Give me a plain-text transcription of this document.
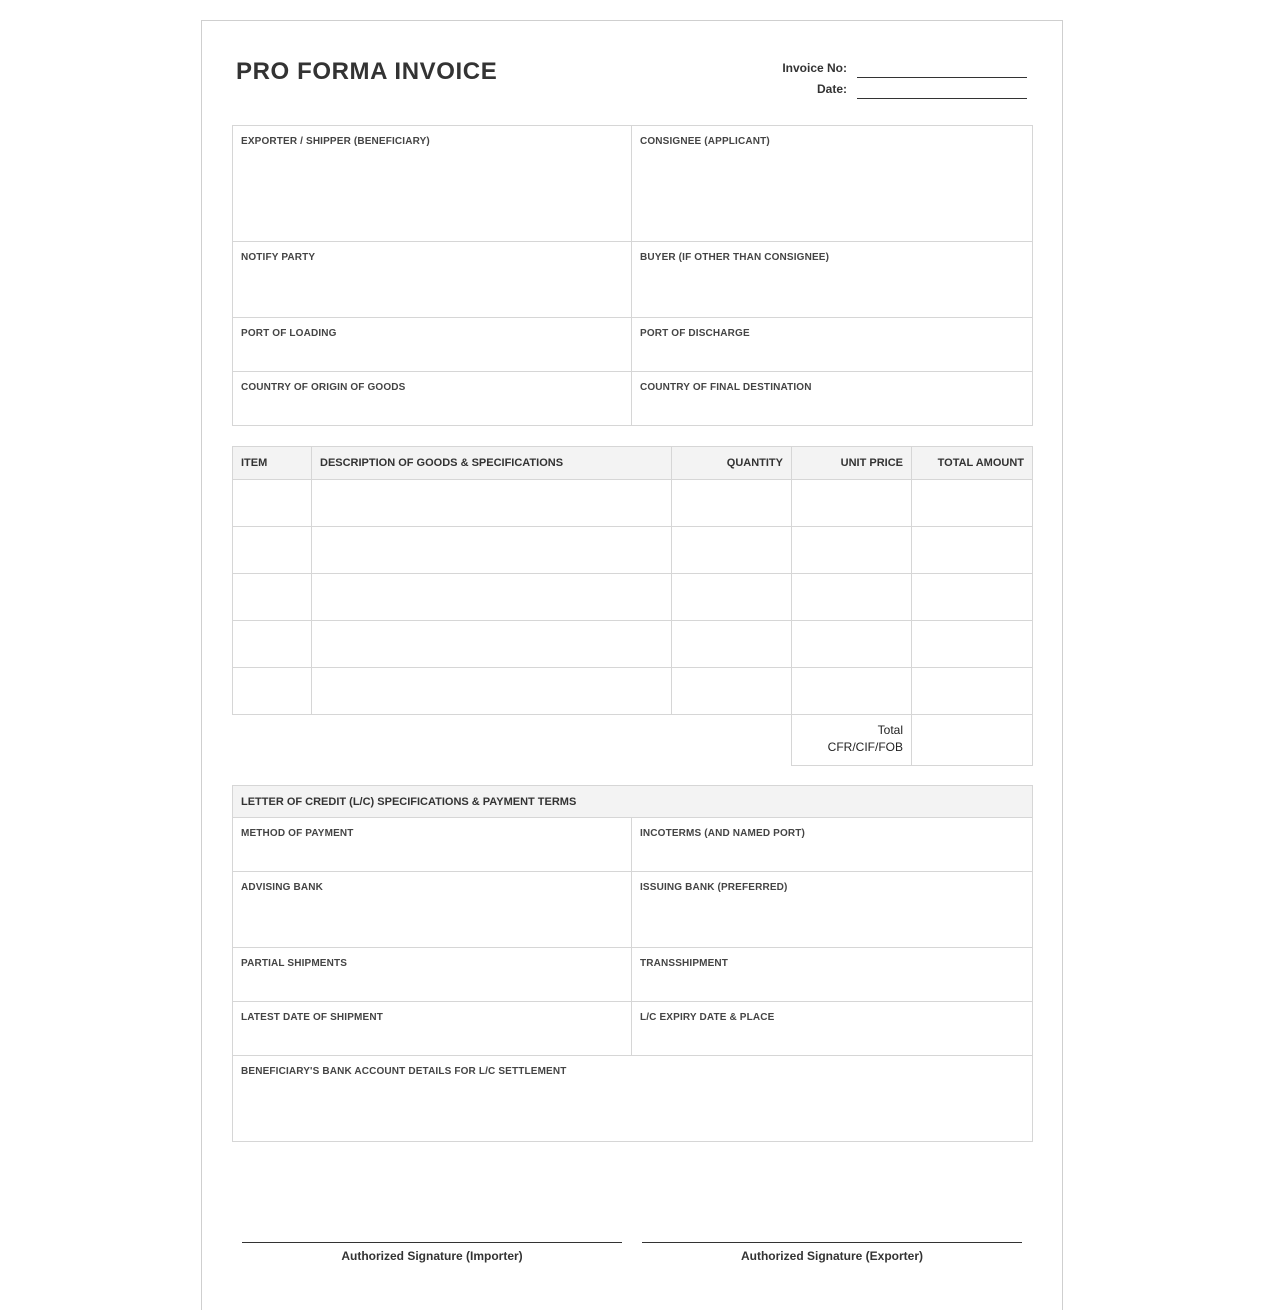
PRO FORMA INVOICE	Invoice No:
Date:
EXPORTER / SHIPPER (BENEFICIARY)	CONSIGNEE (APPLICANT)

NOTIFY PARTY	BUYER (IF OTHER THAN CONSIGNEE)

PORT OF LOADING	PORT OF DISCHARGE

COUNTRY OF ORIGIN OF GOODS	COUNTRY OF FINAL DESTINATION
ITEM	DESCRIPTION OF GOODS & SPECIFICATIONS	QUANTITY	UNIT PRICE	TOTAL AMOUNT

			Total
CFR/CIF/FOB	

LETTER OF CREDIT (L/C) SPECIFICATIONS & PAYMENT TERMS	

METHOD OF PAYMENT	INCOTERMS (AND NAMED PORT)

ADVISING BANK	ISSUING BANK (PREFERRED)

PARTIAL SHIPMENTS	TRANSSHIPMENT

LATEST DATE OF SHIPMENT	L/C EXPIRY DATE & PLACE

BENEFICIARY'S BANK ACCOUNT DETAILS FOR L/C SETTLEMENT	
Authorized Signature (Importer)	Authorized Signature (Exporter)
